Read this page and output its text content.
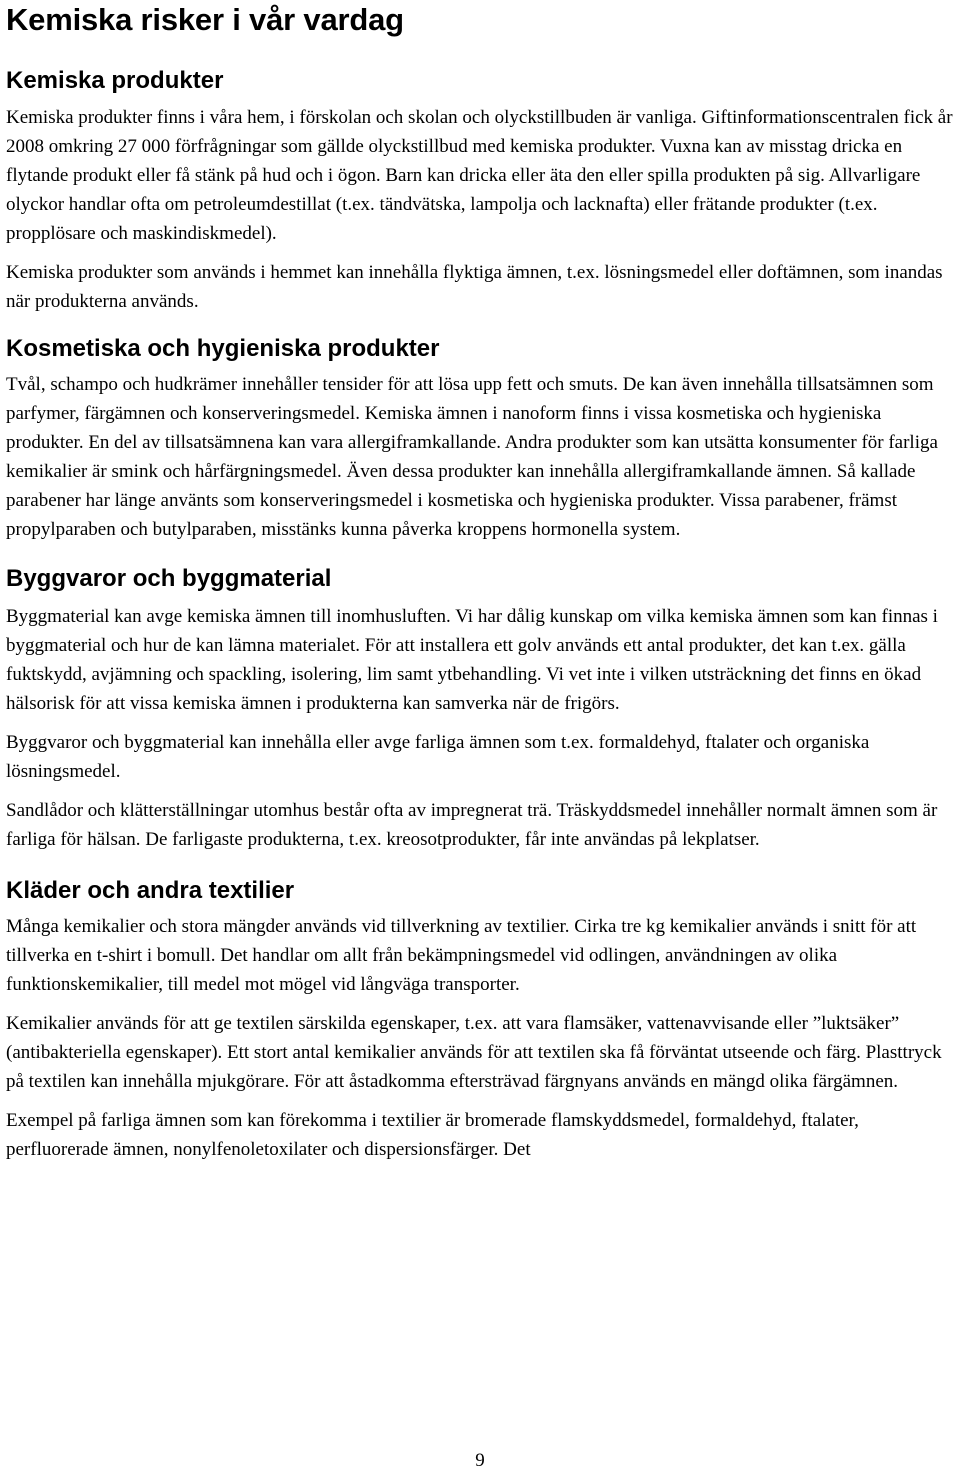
Kemiska risker i vår vardag
Kemiska produkter

Kemiska produkter finns i våra hem, i förskolan och skolan och olyckstillbuden är vanliga. Giftinformationscentralen fick år 2008 omkring 27 000 förfrågningar som gällde olyckstillbud med kemiska produkter. Vuxna kan av misstag dricka en flytande produkt eller få stänk på hud och i ögon. Barn kan dricka eller äta den eller spilla produkten på sig. Allvarligare olyckor handlar ofta om petroleumdestillat (t.ex. tändvätska, lampolja och lacknafta) eller frätande produkter (t.ex. propplösare och maskindiskmedel).

Kemiska produkter som används i hemmet kan innehålla flyktiga ämnen, t.ex. lösningsmedel eller doftämnen, som inandas när produkterna används.

Kosmetiska och hygieniska produkter

Tvål, schampo och hudkrämer innehåller tensider för att lösa upp fett och smuts. De kan även innehålla tillsatsämnen som parfymer, färgämnen och konserveringsmedel. Kemiska ämnen i nanoform finns i vissa kosmetiska och hygieniska produkter. En del av tillsatsämnena kan vara allergiframkallande. Andra produkter som kan utsätta konsumenter för farliga kemikalier är smink och hårfärgningsmedel. Även dessa produkter kan innehålla allergiframkallande ämnen. Så kallade parabener har länge använts som konserveringsmedel i kosmetiska och hygieniska produkter. Vissa parabener, främst propylparaben och butylparaben, misstänks kunna påverka kroppens hormonella system.

Byggvaror och byggmaterial

Byggmaterial kan avge kemiska ämnen till inomhusluften. Vi har dålig kunskap om vilka kemiska ämnen som kan finnas i byggmaterial och hur de kan lämna materialet. För att installera ett golv används ett antal produkter, det kan t.ex. gälla fuktskydd, avjämning och spackling, isolering, lim samt ytbehandling. Vi vet inte i vilken utsträckning det finns en ökad hälsorisk för att vissa kemiska ämnen i produkterna kan samverka när de frigörs.

Byggvaror och byggmaterial kan innehålla eller avge farliga ämnen som t.ex. formaldehyd, ftalater och organiska lösningsmedel.

Sandlådor och klätterställningar utomhus består ofta av impregnerat trä. Träskyddsmedel innehåller normalt ämnen som är farliga för hälsan. De farligaste produkterna, t.ex. kreosotprodukter, får inte användas på lekplatser.

Kläder och andra textilier

Många kemikalier och stora mängder används vid tillverkning av textilier. Cirka tre kg kemikalier används i snitt för att tillverka en t-shirt i bomull. Det handlar om allt från bekämpningsmedel vid odlingen, användningen av olika funktionskemikalier, till medel mot mögel vid långväga transporter.

Kemikalier används för att ge textilen särskilda egenskaper, t.ex. att vara flamsäker, vattenavvisande eller ”luktsäker” (antibakteriella egenskaper). Ett stort antal kemikalier används för att textilen ska få förväntat utseende och färg. Plasttryck på textilen kan innehålla mjukgörare. För att åstadkomma eftersträvad färgnyans används en mängd olika färgämnen.

Exempel på farliga ämnen som kan förekomma i textilier är bromerade flamskyddsmedel, formaldehyd, ftalater, perfluorerade ämnen, nonylfenoletoxilater och dispersionsfärger. Det

9
